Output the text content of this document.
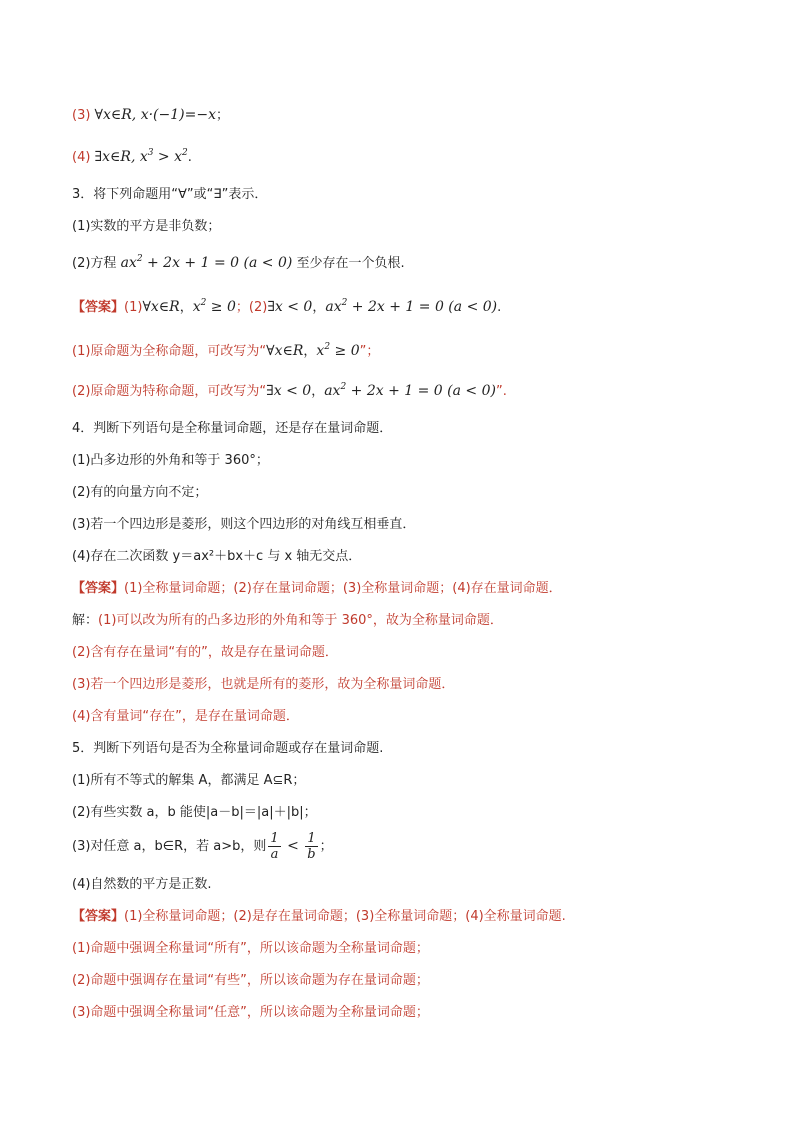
(3) ∀x∈R, x·(−1)=−x；
(4) ∃x∈R, $x^3 > x^2$.
3．将下列命题用“∀”或“∃”表示．
(1)实数的平方是非负数；
(2)方程 $ax^2 + 2x + 1 = 0$ (a < 0) 至少存在一个负根.
【答案】(1)∀x∈R，$x^2 \ge 0$；(2)∃x < 0，$ax^2 + 2x + 1 = 0$ (a < 0).
(1)原命题为全称命题，可改写为“∀x∈R，$x^2 \ge 0$”；
(2)原命题为特称命题，可改写为“∃x < 0，$ax^2 + 2x + 1 = 0$ (a < 0)”.
4．判断下列语句是全称量词命题，还是存在量词命题．
(1)凸多边形的外角和等于 360°；
(2)有的向量方向不定；
(3)若一个四边形是菱形，则这个四边形的对角线互相垂直．
(4)存在二次函数 y＝ax²＋bx＋c 与 x 轴无交点．
【答案】(1)全称量词命题；(2)存在量词命题；(3)全称量词命题；(4)存在量词命题．
解：(1)可以改为所有的凸多边形的外角和等于 360°，故为全称量词命题．
(2)含有存在量词“有的”，故是存在量词命题．
(3)若一个四边形是菱形，也就是所有的菱形，故为全称量词命题．
(4)含有量词“存在”，是存在量词命题．
5．判断下列语句是否为全称量词命题或存在量词命题.
(1)所有不等式的解集 A，都满足 A⊆R；
(2)有些实数 a，b 能使|a－b|＝|a|＋|b|；
(3)对任意 a，b∈R，若 a>b，则 $\frac{1}{a} < \frac{1}{b}$ ；
(4)自然数的平方是正数.
【答案】(1)全称量词命题；(2)是存在量词命题；(3)全称量词命题；(4)全称量词命题.
(1)命题中强调全称量词“所有”，所以该命题为全称量词命题；
(2)命题中强调存在量词“有些”，所以该命题为存在量词命题；
(3)命题中强调全称量词“任意”，所以该命题为全称量词命题；
